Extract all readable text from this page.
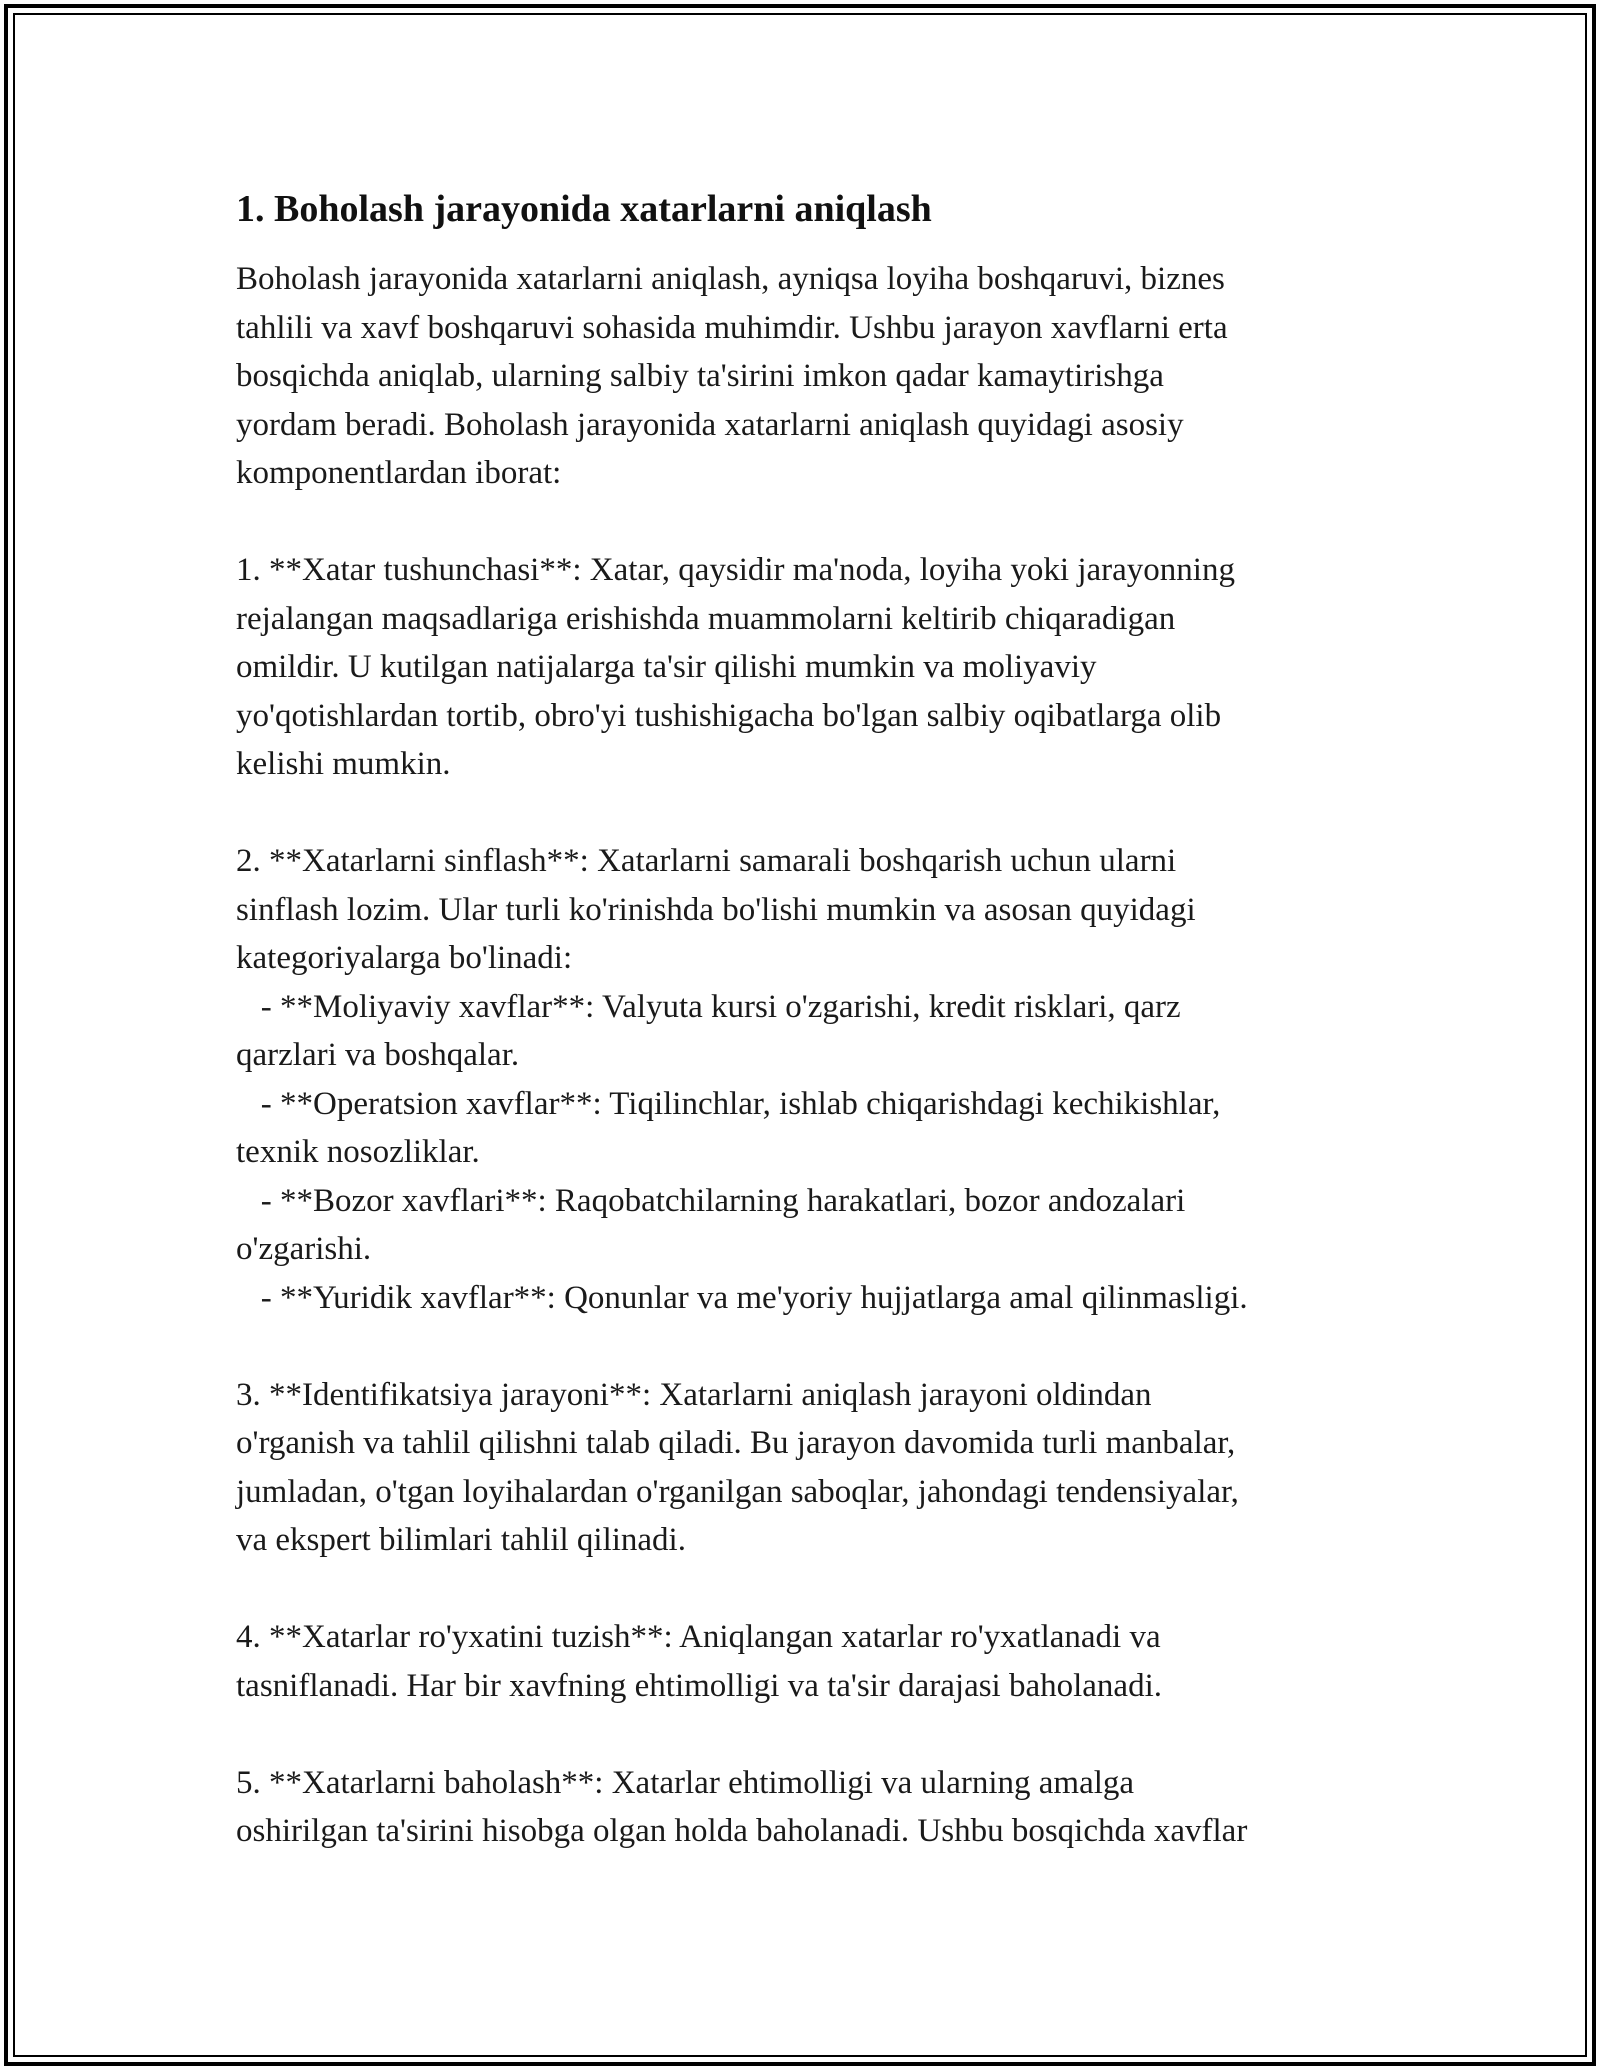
1. Boholash jarayonida xatarlarni aniqlash

Boholash jarayonida xatarlarni aniqlash, ayniqsa loyiha boshqaruvi, biznes
tahlili va xavf boshqaruvi sohasida muhimdir. Ushbu jarayon xavflarni erta
bosqichda aniqlab, ularning salbiy ta'sirini imkon qadar kamaytirishga
yordam beradi. Boholash jarayonida xatarlarni aniqlash quyidagi asosiy
komponentlardan iborat:

1. **Xatar tushunchasi**: Xatar, qaysidir ma'noda, loyiha yoki jarayonning
rejalangan maqsadlariga erishishda muammolarni keltirib chiqaradigan
omildir. U kutilgan natijalarga ta'sir qilishi mumkin va moliyaviy
yo'qotishlardan tortib, obro'yi tushishigacha bo'lgan salbiy oqibatlarga olib
kelishi mumkin.

2. **Xatarlarni sinflash**: Xatarlarni samarali boshqarish uchun ularni
sinflash lozim. Ular turli ko'rinishda bo'lishi mumkin va asosan quyidagi
kategoriyalarga bo'linadi:
- **Moliyaviy xavflar**: Valyuta kursi o'zgarishi, kredit risklari, qarz
qarzlari va boshqalar.
- **Operatsion xavflar**: Tiqilinchlar, ishlab chiqarishdagi kechikishlar,
texnik nosozliklar.
- **Bozor xavflari**: Raqobatchilarning harakatlari, bozor andozalari
o'zgarishi.
- **Yuridik xavflar**: Qonunlar va me'yoriy hujjatlarga amal qilinmasligi.

3. **Identifikatsiya jarayoni**: Xatarlarni aniqlash jarayoni oldindan
o'rganish va tahlil qilishni talab qiladi. Bu jarayon davomida turli manbalar,
jumladan, o'tgan loyihalardan o'rganilgan saboqlar, jahondagi tendensiyalar,
va ekspert bilimlari tahlil qilinadi.

4. **Xatarlar ro'yxatini tuzish**: Aniqlangan xatarlar ro'yxatlanadi va
tasniflanadi. Har bir xavfning ehtimolligi va ta'sir darajasi baholanadi.

5. **Xatarlarni baholash**: Xatarlar ehtimolligi va ularning amalga
oshirilgan ta'sirini hisobga olgan holda baholanadi. Ushbu bosqichda xavflar
